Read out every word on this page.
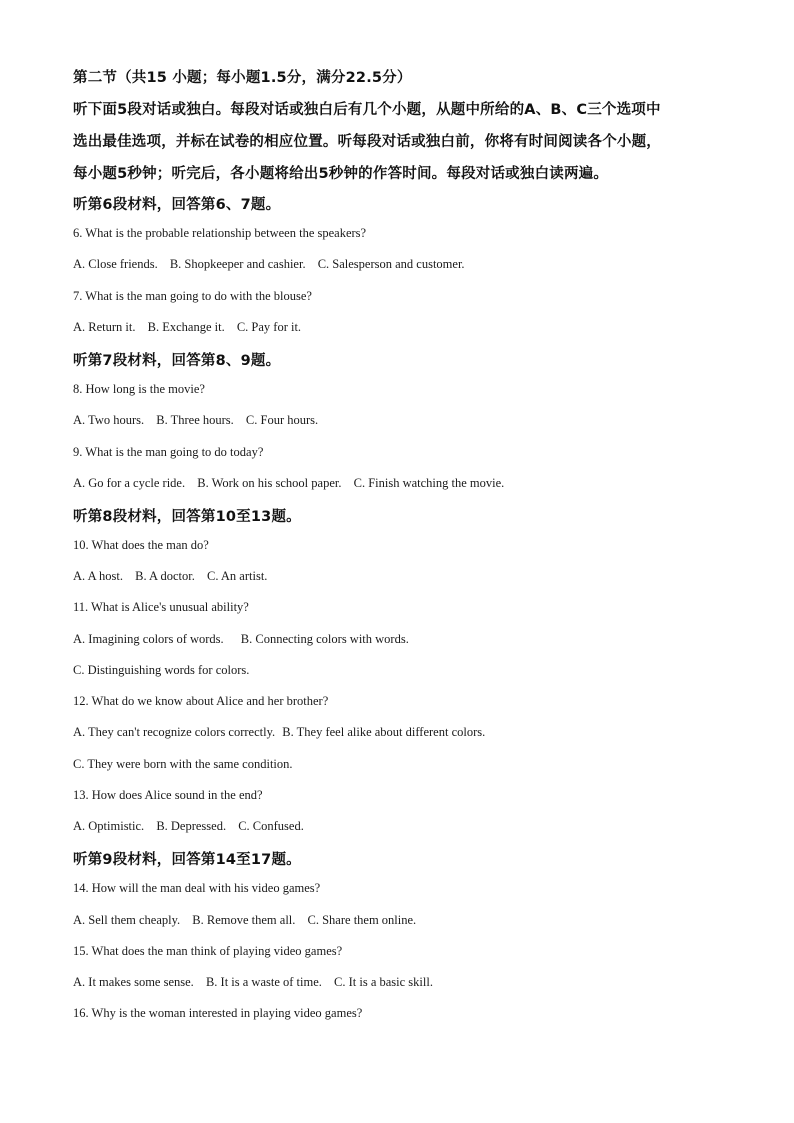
第二节（共15 小题；每小题1.5分，满分22.5分）
听下面5段对话或独白。每段对话或独白后有几个小题，从题中所给的A、B、C三个选项中
选出最佳选项，并标在试卷的相应位置。听每段对话或独白前，你将有时间阅读各个小题，
每小题5秒钟；听完后，各小题将给出5秒钟的作答时间。每段对话或独白读两遍。
听第6段材料，回答第6、7题。
6. What is the probable relationship between the speakers?
A. Close friends. B. Shopkeeper and cashier. C. Salesperson and customer.
7. What is the man going to do with the blouse?
A. Return it. B. Exchange it. C. Pay for it.
听第7段材料，回答第8、9题。
8. How long is the movie?
A. Two hours. B. Three hours. C. Four hours.
9. What is the man going to do today?
A. Go for a cycle ride. B. Work on his school paper. C. Finish watching the movie.
听第8段材料，回答第10至13题。
10. What does the man do?
A. A host. B. A doctor. C. An artist.
11. What is Alice's unusual ability?
A. Imagining colors of words. B. Connecting colors with words.
C. Distinguishing words for colors.
12. What do we know about Alice and her brother?
A. They can't recognize colors correctly. B. They feel alike about different colors.
C. They were born with the same condition.
13. How does Alice sound in the end?
A. Optimistic. B. Depressed. C. Confused.
听第9段材料，回答第14至17题。
14. How will the man deal with his video games?
A. Sell them cheaply. B. Remove them all. C. Share them online.
15. What does the man think of playing video games?
A. It makes some sense. B. It is a waste of time. C. It is a basic skill.
16. Why is the woman interested in playing video games?
